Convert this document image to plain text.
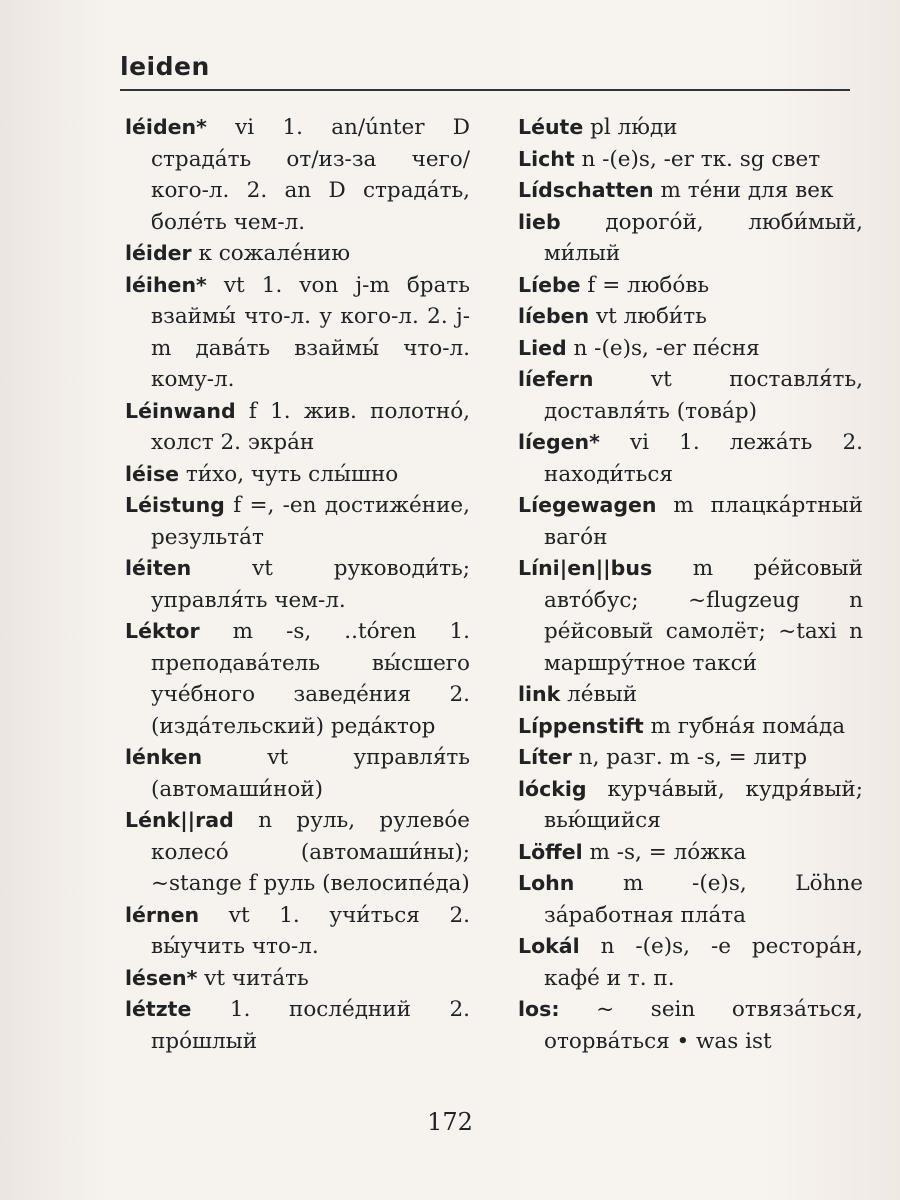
leiden

léiden* vi 1. an/únter D страда́ть от/из-за чего/кого-л. 2. an D страда́ть, боле́ть чем-л.

léider к сожале́нию

léihen* vt 1. von j-m брать взаймы́ что-л. у кого-л. 2. j-m дава́ть взаймы́ что-л. кому-л.

Léinwand f 1. жив. полотно́, холст 2. экра́н

léise ти́хо, чуть слы́шно

Léistung f =, -en достиже́ние, результа́т

léiten vt руководи́ть; управля́ть чем-л.

Léktor m -s, ..tóren 1. преподава́тель вы́сшего уче́бного заведе́ния 2. (изда́тельский) реда́ктор

lénken vt управля́ть (автомаши́ной)

Lénk||rad n руль, рулево́е колесо́ (автомаши́ны); ~stange f руль (велосипе́да)

lérnen vt 1. учи́ться 2. вы́учить что-л.

lésen* vt чита́ть

létzte 1. после́дний 2. про́шлый

Léute pl лю́ди

Licht n -(e)s, -er тк. sg свет

Lídschatten m те́ни для век

lieb дорого́й, люби́мый, ми́лый

Líebe f = любо́вь

líeben vt люби́ть

Lied n -(e)s, -er пе́сня

líefern vt поставля́ть, доставля́ть (това́р)

líegen* vi 1. лежа́ть 2. находи́ться

Líegewagen m плацка́ртный ваго́н

Líni|en||bus m ре́йсовый авто́бус; ~flugzeug n ре́йсовый самолёт; ~taxi n маршру́тное такси́

link ле́вый

Líppenstift m губна́я пома́да

Líter n, разг. m -s, = литр

lóckig курча́вый, кудря́вый; вью́щийся

Löffel m -s, = ло́жка

Lohn m -(e)s, Löhne за́работная пла́та

Lokál n -(e)s, -e рестора́н, кафе́ и т. п.

los: ~ sein отвяза́ться, оторва́ться • was ist

172
